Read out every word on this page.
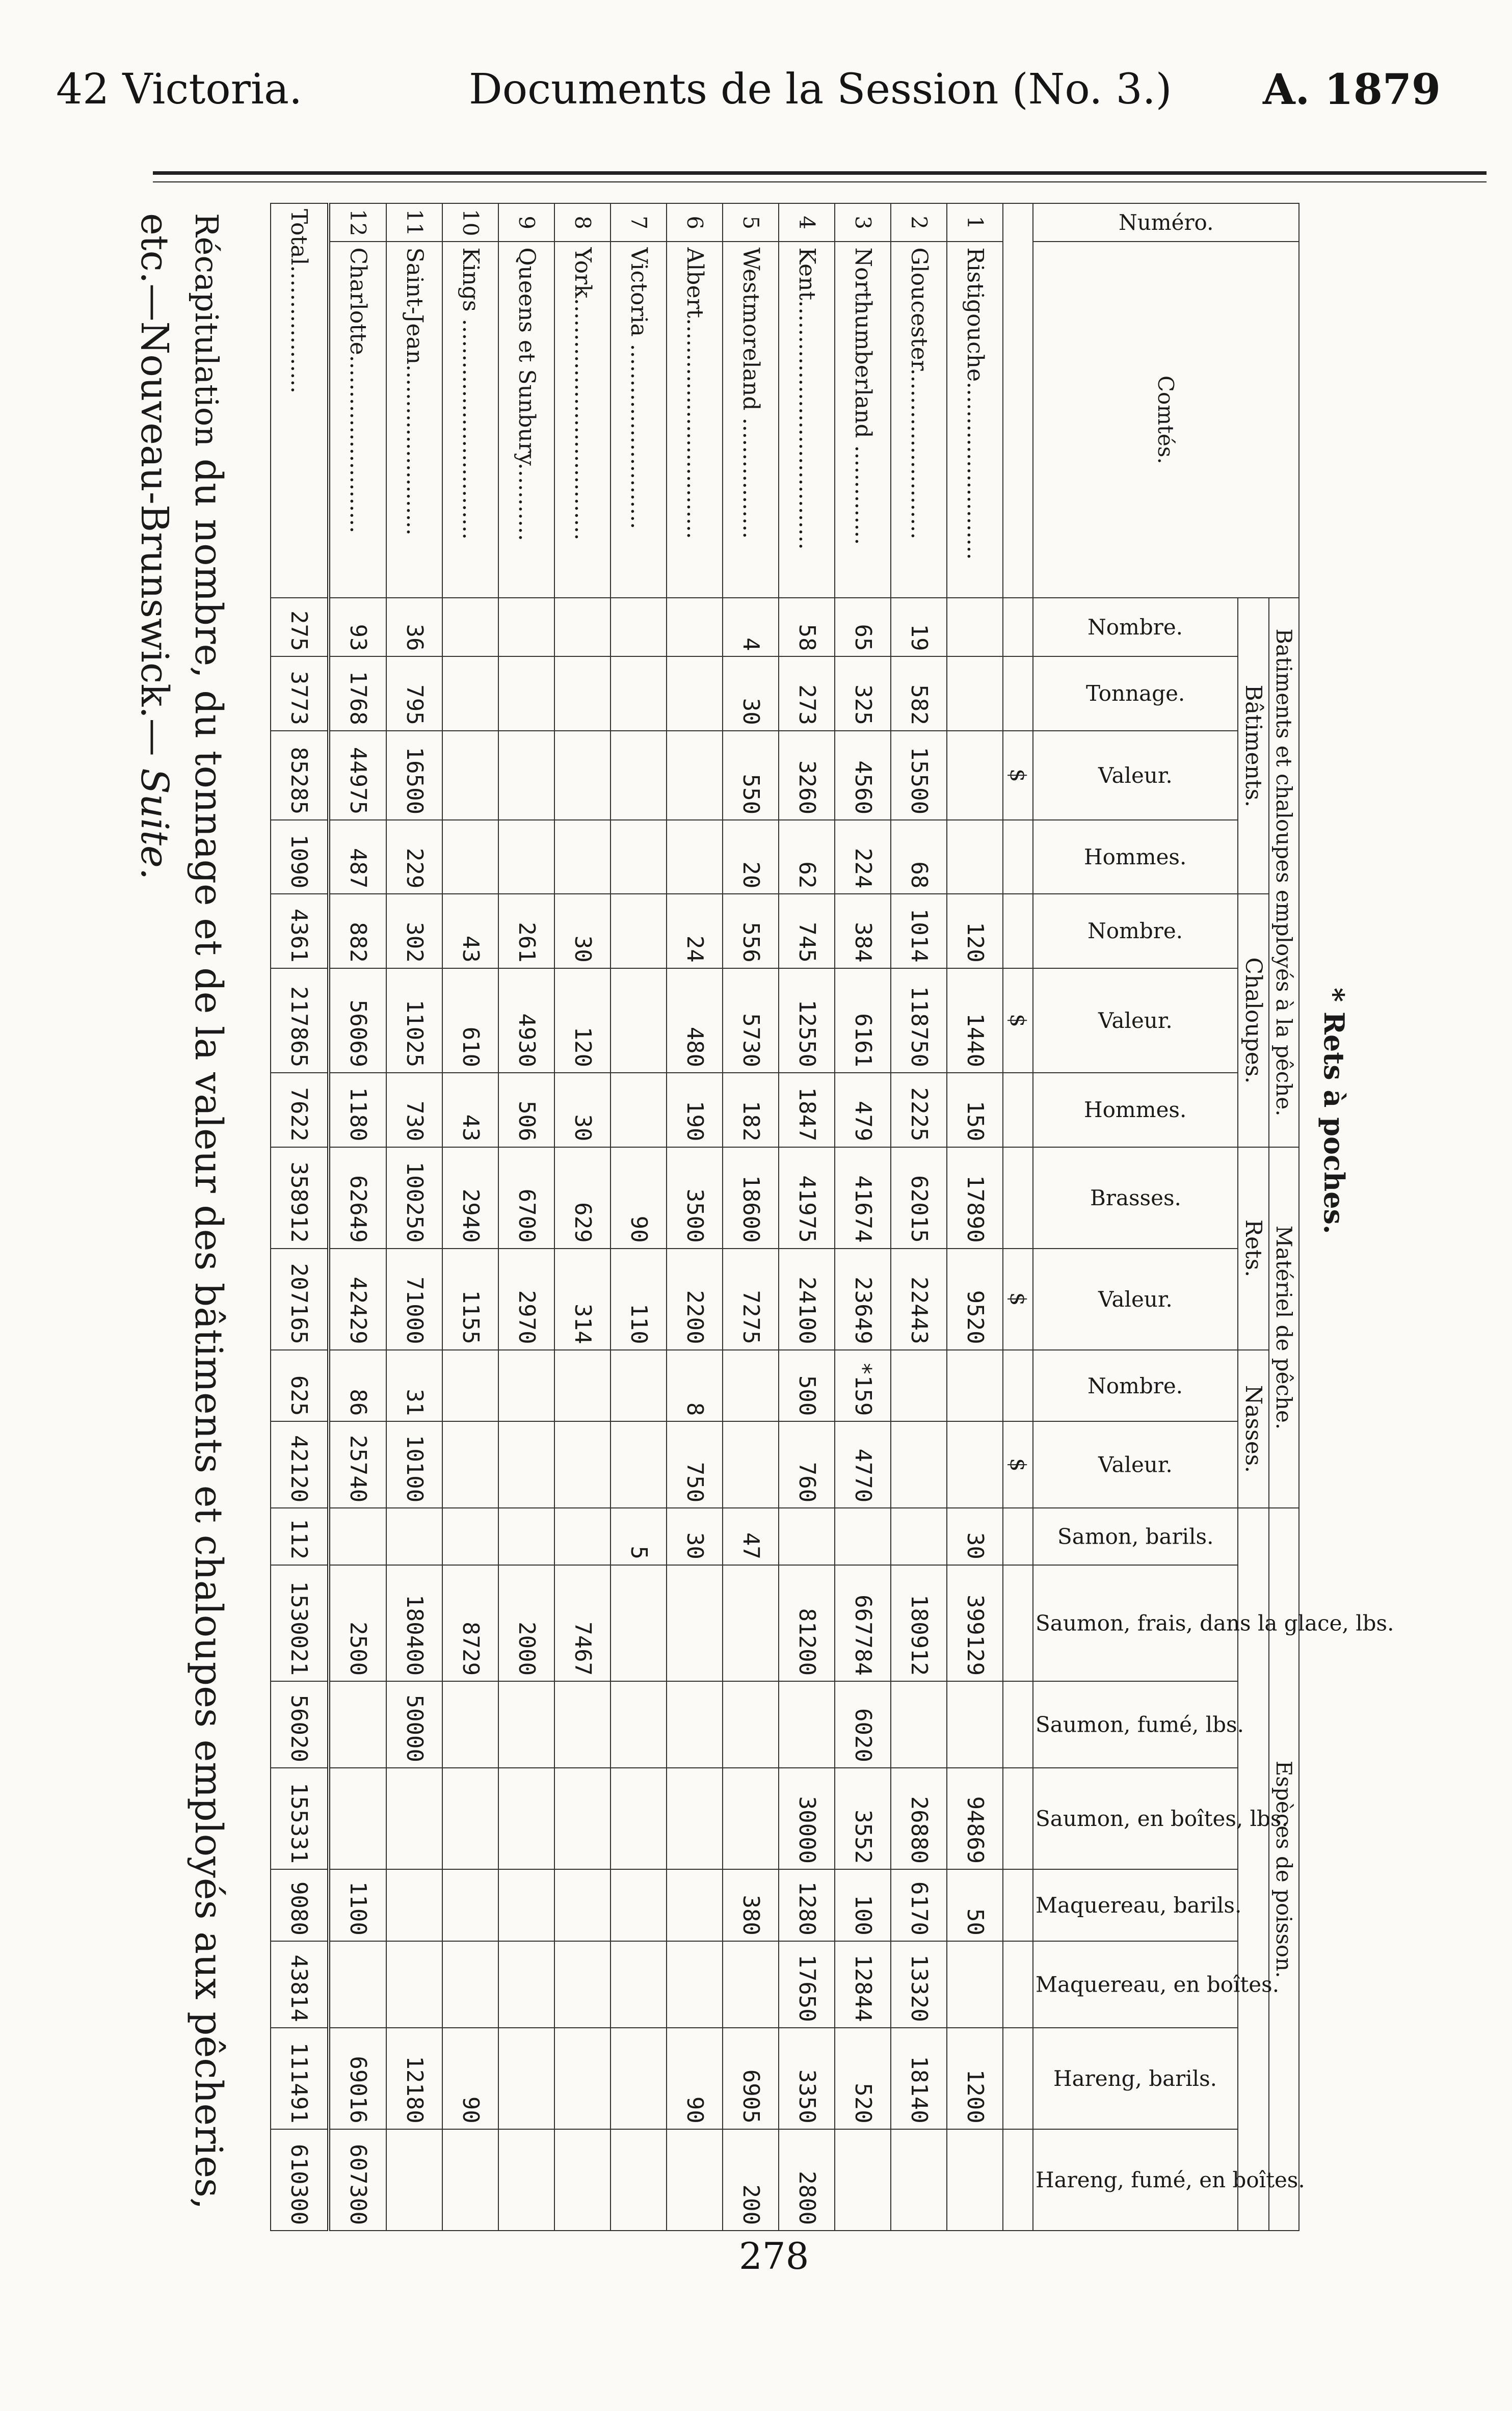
42 Victoria.	Documents de la Session (No. 3.) A. 1879
Récapitulation du nombre, du tonnage et de la valeur des bâtiments et chaloupes employés aux pêcheries, etc.—Nouveau-Brunswick.— Suite.
Numéro.	Comtés.	Batiments et chaloupes employés à la pêche.							Matériel de pêche.				Espèces de poisson.							
		Bâtiments.				Chaloupes.			Rets.		Nasses.									
		Nombre.	Tonnage.	Valeur.	Hommes.	Nombre.	Valeur.	Hommes.	Brasses.	Valeur.	Nombre.	Valeur.	Samon, barils.	Saumon, frais, dans la glace, lbs.	Saumon, fumé, lbs.	Saumon, en boîtes, lbs.	Maquereau, barils.	Maquereau, en boîtes.	Hareng, barils.	Hareng, fumé, en boîtes.
				$			$			$		$								
1	Ristigouche.........................					120	1440	150	17890	9520			30	399129		94869	50		1200	
2	Gloucester........................	19	582	15500	68	1014	118750	2225	62015	22443				180912		26880	6170	13320	18140	
3	Northumberland ..............	65	325	4560	224	384	6161	479	41674	23649	*159	4770		667784	6020	3552	100	12844	520	
4	Kent...................................	58	273	3260	62	745	12550	1847	41975	24100	500	760		81200		30000	1280	17650	3350	2800
5	Westmoreland .................	4	30	550	20	556	5730	182	18600	7275			47				380		6905	200
6	Albert...............................					24	480	190	3500	2200	8	750	30						90	
7	Victoria ..........................								90	110			5							
8	York..................................					30	120	30	629	314				7467						
9	Queens et Sunbury...........					261	4930	506	6700	2970				2000						
10	Kings ...............................					43	610	43	2940	1155				8729					90	
11	Saint-Jean........................	36	795	16500	229	302	11025	730	100250	71000	31	10100		180400	50000				12180	
12	Charlotte.........................	93	1768	44975	487	882	56069	1180	62649	42429	86	25740		2500			1100		69016	607300
Total..................		275	3773	85285	1090	4361	217865	7622	358912	207165	625	42120	112	1530021	56020	155331	9080	43814	111491	610300
* Rets à poches.
278
